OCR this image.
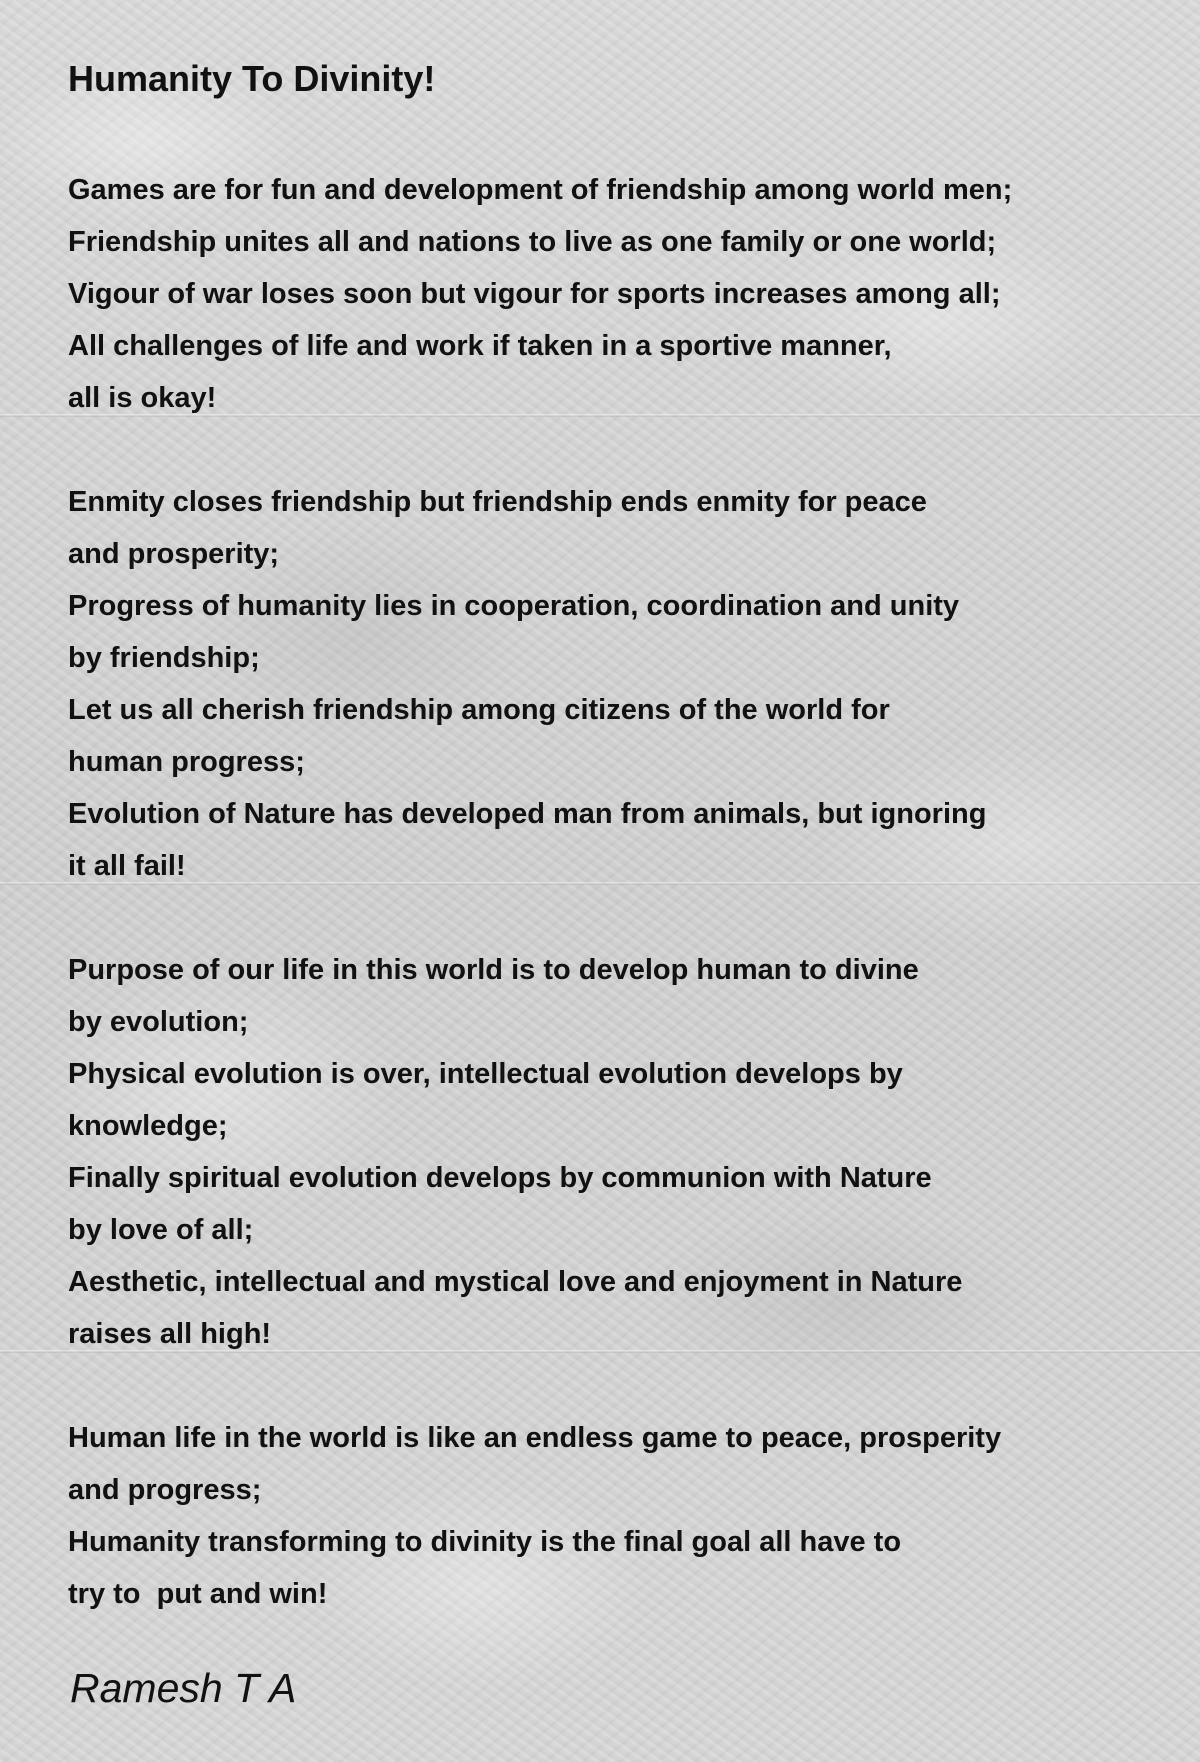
Humanity To Divinity!
Games are for fun and development of friendship among world men;
Friendship unites all and nations to live as one family or one world;
Vigour of war loses soon but vigour for sports increases among all;
All challenges of life and work if taken in a sportive manner,
all is okay!
Enmity closes friendship but friendship ends enmity for peace
and prosperity;
Progress of humanity lies in cooperation, coordination and unity
by friendship;
Let us all cherish friendship among citizens of the world for
human progress;
Evolution of Nature has developed man from animals, but ignoring
it all fail!
Purpose of our life in this world is to develop human to divine
by evolution;
Physical evolution is over, intellectual evolution develops by
knowledge;
Finally spiritual evolution develops by communion with Nature
by love of all;
Aesthetic, intellectual and mystical love and enjoyment in Nature
raises all high!
Human life in the world is like an endless game to peace, prosperity
and progress;
Humanity transforming to divinity is the final goal all have to
try to  put and win!
Ramesh T A
